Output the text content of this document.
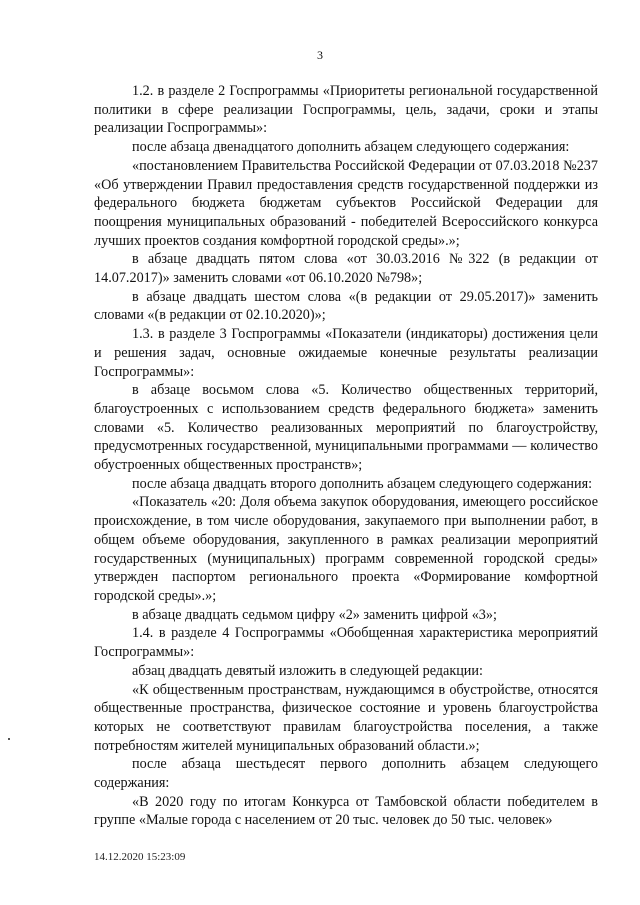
3

1.2. в разделе 2 Госпрограммы «Приоритеты региональной государственной политики в сфере реализации Госпрограммы, цель, задачи, сроки и этапы реализации Госпрограммы»:

после абзаца двенадцатого дополнить абзацем следующего содержания:

«постановлением Правительства Российской Федерации от 07.03.2018 №237 «Об утверждении Правил предоставления средств государственной поддержки из федерального бюджета бюджетам субъектов Российской Федерации для поощрения муниципальных образований - победителей Всероссийского конкурса лучших проектов создания комфортной городской среды».»;

в абзаце двадцать пятом слова «от 30.03.2016 №322 (в редакции от 14.07.2017)» заменить словами «от 06.10.2020 №798»;

в абзаце двадцать шестом слова «(в редакции от 29.05.2017)» заменить словами «(в редакции от 02.10.2020)»;

1.3. в разделе 3 Госпрограммы «Показатели (индикаторы) достижения цели и решения задач, основные ожидаемые конечные результаты реализации Госпрограммы»:

в абзаце восьмом слова «5. Количество общественных территорий, благоустроенных с использованием средств федерального бюджета» заменить словами «5. Количество реализованных мероприятий по благоустройству, предусмотренных государственной, муниципальными программами — количество обустроенных общественных пространств»;

после абзаца двадцать второго дополнить абзацем следующего содержания:

«Показатель «20: Доля объема закупок оборудования, имеющего российское происхождение, в том числе оборудования, закупаемого при выполнении работ, в общем объеме оборудования, закупленного в рамках реализации мероприятий государственных (муниципальных) программ современной городской среды» утвержден паспортом регионального проекта «Формирование комфортной городской среды».»;

в абзаце двадцать седьмом цифру «2» заменить цифрой «3»;

1.4. в разделе 4 Госпрограммы «Обобщенная характеристика мероприятий Госпрограммы»:

абзац двадцать девятый изложить в следующей редакции:

«К общественным пространствам, нуждающимся в обустройстве, относятся общественные пространства, физическое состояние и уровень благоустройства которых не соответствуют правилам благоустройства поселения, а также потребностям жителей муниципальных образований области.»;

после абзаца шестьдесят первого дополнить абзацем следующего содержания:

«В 2020 году по итогам Конкурса от Тамбовской области победителем в группе «Малые города с населением от 20 тыс. человек до 50 тыс. человек»

14.12.2020 15:23:09
